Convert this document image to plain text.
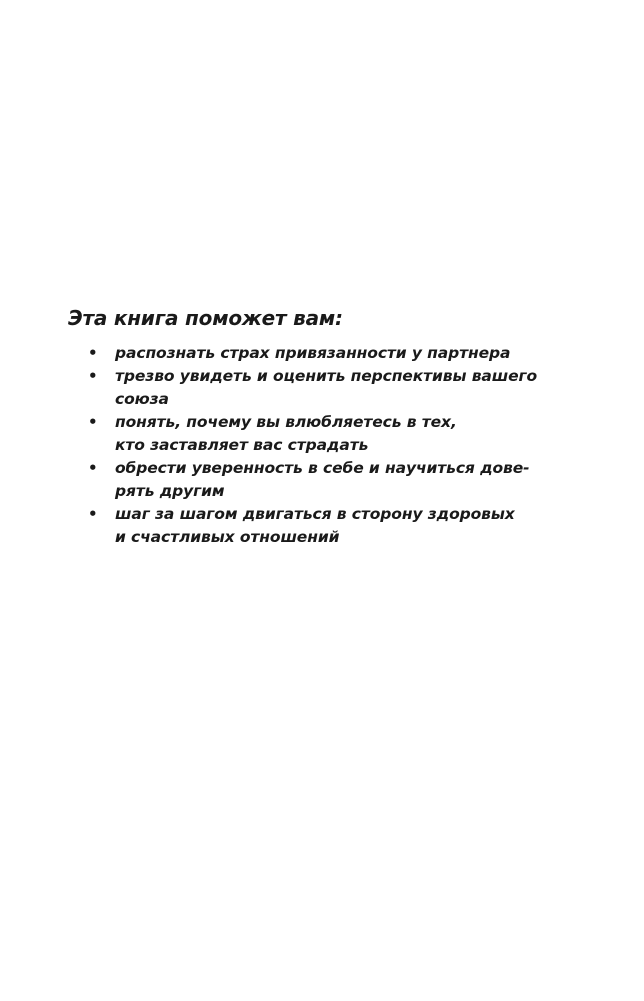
Эта книга поможет вам:

• распознать страх привязанности у партнера
• трезво увидеть и оценить перспективы вашего
союза
• понять, почему вы влюбляетесь в тех,
кто заставляет вас страдать
• обрести уверенность в себе и научиться дове-
рять другим
• шаг за шагом двигаться в сторону здоровых
и счастливых отношений
